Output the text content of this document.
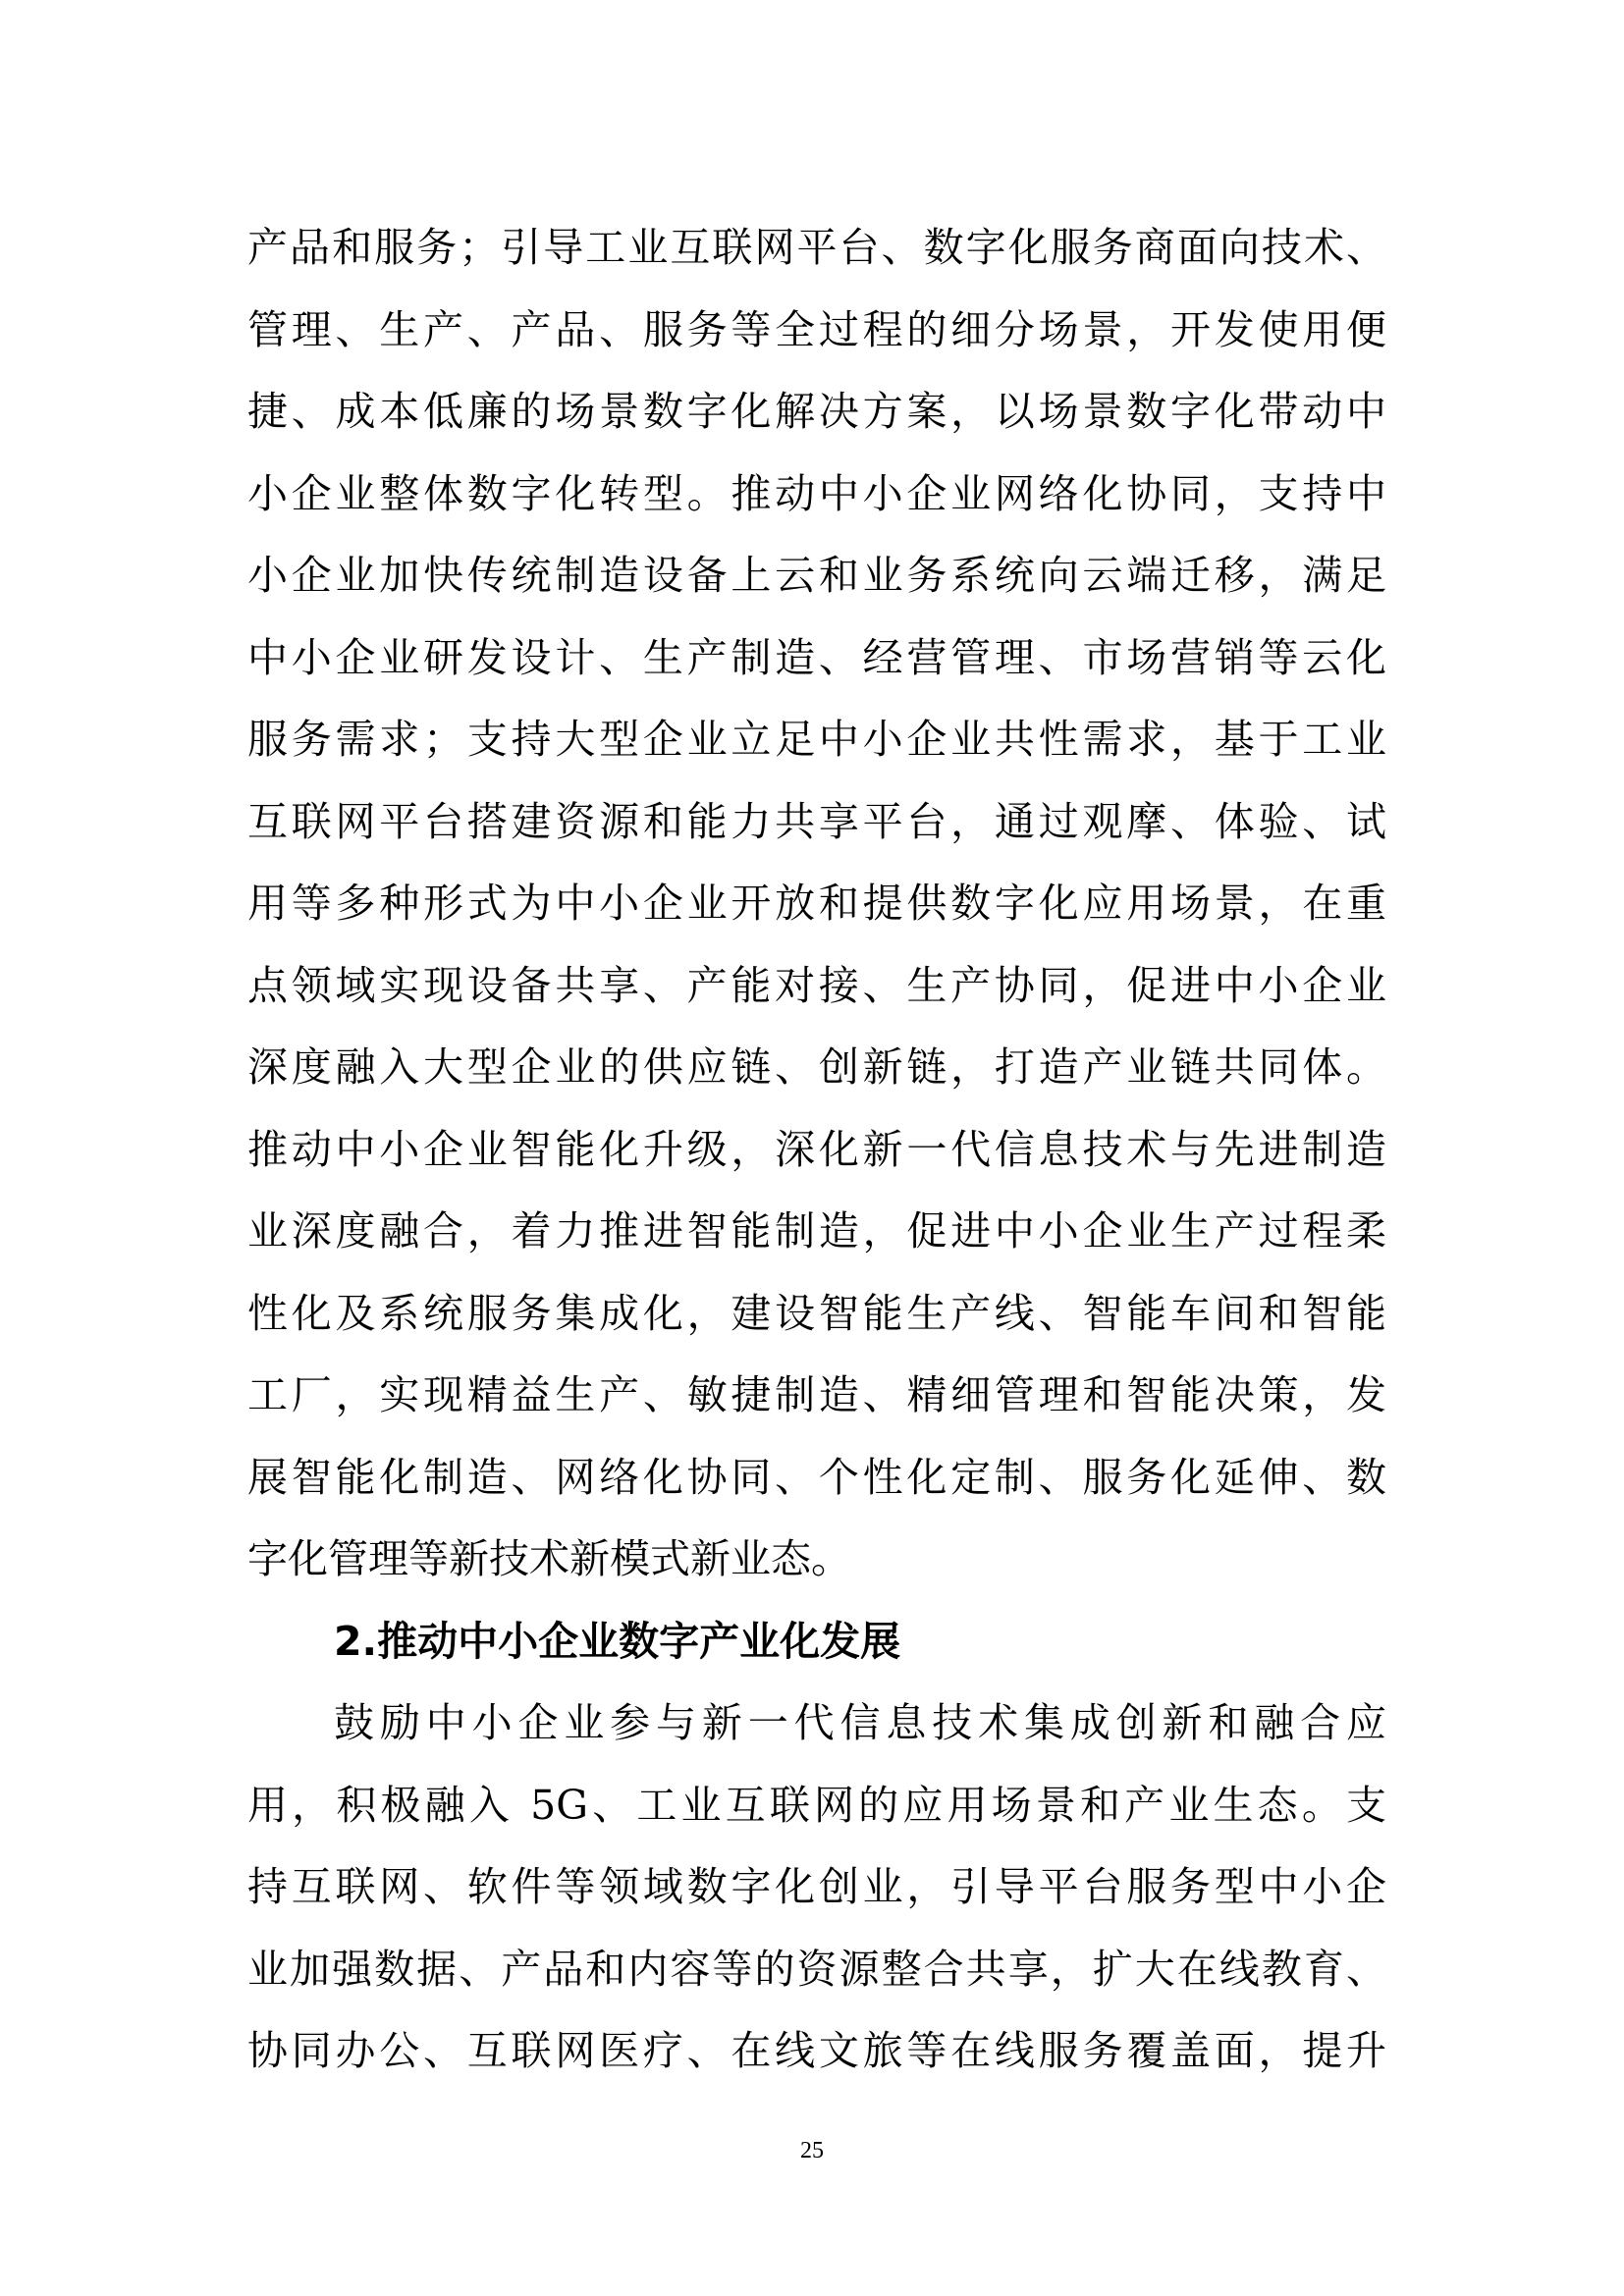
产品和服务；引导工业互联网平台、数字化服务商面向技术、
管理、生产、产品、服务等全过程的细分场景，开发使用便
捷、成本低廉的场景数字化解决方案，以场景数字化带动中
小企业整体数字化转型。推动中小企业网络化协同，支持中
小企业加快传统制造设备上云和业务系统向云端迁移，满足
中小企业研发设计、生产制造、经营管理、市场营销等云化
服务需求；支持大型企业立足中小企业共性需求，基于工业
互联网平台搭建资源和能力共享平台，通过观摩、体验、试
用等多种形式为中小企业开放和提供数字化应用场景，在重
点领域实现设备共享、产能对接、生产协同，促进中小企业
深度融入大型企业的供应链、创新链，打造产业链共同体。
推动中小企业智能化升级，深化新一代信息技术与先进制造
业深度融合，着力推进智能制造，促进中小企业生产过程柔
性化及系统服务集成化，建设智能生产线、智能车间和智能
工厂，实现精益生产、敏捷制造、精细管理和智能决策，发
展智能化制造、网络化协同、个性化定制、服务化延伸、数
字化管理等新技术新模式新业态。
2.推动中小企业数字产业化发展
鼓励中小企业参与新一代信息技术集成创新和融合应
用，积极融入 5G、工业互联网的应用场景和产业生态。支
持互联网、软件等领域数字化创业，引导平台服务型中小企
业加强数据、产品和内容等的资源整合共享，扩大在线教育、
协同办公、互联网医疗、在线文旅等在线服务覆盖面，提升
25
